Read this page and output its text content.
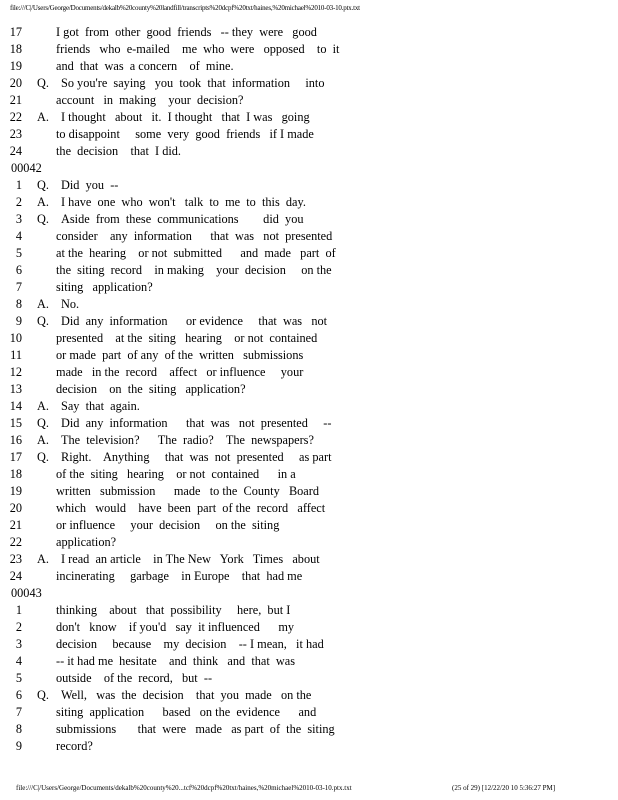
file:///C|/Users/George/Documents/dekalb%20county%20landfill/transcripts%20dcpf%20txt/haines,%20michael%2010-03-10.ptx.txt
17	I got  from  other  good  friends   -- they  were   good
18	friends   who  e-mailed    me  who  were   opposed    to  it
19	and  that  was  a concern    of  mine.
20 Q. So you're  saying   you  took  that  information     into
21	account   in  making    your  decision?
22 A. I thought   about   it.  I thought   that  I was   going
23	to disappoint     some  very  good  friends   if I made
24	the  decision    that  I did.
00042
1 Q. Did  you  --
2 A. I have  one  who  won't   talk  to  me  to  this  day.
3 Q. Aside  from  these  communications        did  you
4	consider    any  information      that  was   not  presented
5	at the  hearing    or not  submitted      and  made   part  of
6	the  siting  record    in making    your  decision     on the
7	siting   application?
8 A. No.
9 Q. Did  any  information      or evidence     that  was   not
10	presented    at the  siting   hearing    or not  contained
11	or made  part  of any  of the  written   submissions
12	made   in the  record    affect   or influence     your
13	decision    on  the  siting   application?
14 A. Say  that  again.
15 Q. Did  any  information      that  was   not  presented     --
16 A. The  television?      The  radio?    The  newspapers?
17 Q. Right.    Anything     that  was  not  presented     as part
18	of the  siting   hearing    or not  contained      in a
19	written   submission      made   to the  County   Board
20	which   would    have  been  part  of the  record   affect
21	or influence     your  decision     on the  siting
22	application?
23 A. I read  an article    in The New   York   Times   about
24	incinerating     garbage    in Europe    that  had me
00043
1	thinking    about   that  possibility     here,  but I
2	don't   know    if you'd   say  it influenced      my
3	decision     because    my  decision    -- I mean,   it had
4	-- it had me  hesitate    and  think   and  that  was
5	outside    of the  record,   but  --
6 Q. Well,   was  the  decision    that  you  made   on the
7	siting  application      based   on the  evidence      and
8	submissions       that  were   made   as part  of  the  siting
9	record?
file:///C|/Users/George/Documents/dekalb%20county%20...tcf%20dcpf%20txt/haines,%20michael%2010-03-10.ptx.txt	(25 of 29) [12/22/20 10 5:36:27 PM]
